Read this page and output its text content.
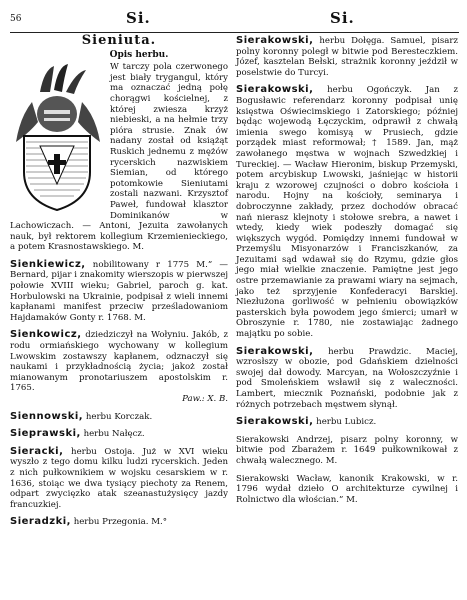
56	Si.	Si.
Sieniuta.
Opis herbu.

W tarczy pola czerwonego jest biały trygangul, który ma oznaczać jedną połę chorągwi kościelnej, z której zwiesza krzyż niebieski, a na hełmie trzy pióra strusie. Znak ów nadany został od książąt Ruskich jednemu z mężów rycerskich nazwiskiem Siemian, od którego potomkowie Sieniutami zostali nazwani. Krzysztof Paweł, fundował klasztor Dominikanów w Lachowiczach. — Antoni, Jezuita zawołanych nauk, był rektorem kollegium Krzemienieckiego, a potem Krasnostawskiego. M.

Sienkiewicz, nobilitowany r 1775 M.” — Bernard, pijar i znakomity wierszopis w pierwszej połowie XVIII wieku; Gabriel, paroch g. kat. Horbulowski na Ukrainie, podpisał z wieli innemi kapłanami manifest przeciw prześladowaniom Hajdamaków Gonty r. 1768. M.

Sienkowicz, dziedziczył na Wołyniu. Jakób, z rodu ormiańskiego wychowany w kollegium Lwowskim zostawszy kapłanem, odznaczył się naukami i przykładnością życia; jakoż został mianowanym pronotariuszem apostolskim r. 1765.

Paw.: X. B.

Siennowski, herbu Korczak.

Sieprawski, herbu Nałęcz.

Sieracki, herbu Ostoja. Już w XVI wieku wyszło z tego domu kilku ludzi rycerskich. Jeden z nich pułkownikiem w wojsku cesarskiem w r. 1636, stoiąc we dwa tysiący piechoty za Renem, odpart zwycięzko atak szeanastużysięcy jazdy francuzkiej.

Sieradzki, herbu Przegonia. M.°

Sierakowski, herbu Dołęga. Samuel, pisarz polny koronny poległ w bitwie pod Beresteczkiem. Józef, kasztelan Bełski, strażnik koronny jeździł w poselstwie do Turcyi.

Sierakowski, herbu Ogończyk. Jan z Bogusławic referendarz koronny podpisał unię księstwa Oświecimskiego i Zatorskiego; później będąc wojewodą Łęczyckim, odprawił z chwałą imienia swego komisyą w Prusiech, gdzie porządek miast reformował; † 1589. Jan, mąż zawołanego męstwa w wojnach Szwedzkiej i Tureckiej. — Wacław Hieronim, biskup Przemyski, potem arcybiskup Lwowski, jaśniejąc w historii kraju z wzorowej czujności o dobro kościoła i narodu. Hojny na kościoły, seminarya i dobroczynne zakłady, przez dochodów obracać nań nierasz klejnoty i stołowe srebra, a nawet i wtedy, kiedy wiek podeszły domagać się większych wygód. Pomiędzy innemi fundował w Przemyślu Misyonarzów i Franciszkanów, za Jezuitami sąd wdawał się do Rzymu, gdzie głos jego miał wielkie znaczenie. Pamiętne jest jego ostre przemawianie za prawami wiary na sejmach, jako też sprzyjenie Konfederacyi Barskiej. Niezłużona gorliwość w pełnieniu obowiązków pasterskich była powodem jego śmierci; umarł w Obroszynie r. 1780, nie zostawiając żadnego majątku po sobie.

Sierakowski, herbu Prawdzic. Maciej, wzrosłszy w obozie, pod Gdańskiem dzielności swojej dał dowody. Marcyan, na Wołoszczyźnie i pod Smoleńskiem wsławił się z waleczności. Lambert, miecznik Poznański, podobnie jak z różnych potrzebach męstwem słynął.

Sierakowski, herbu Lubicz.

Sierakowski Andrzej, pisarz polny koronny, w bitwie pod Zbarażem r. 1649 pułkownikował z chwałą walecznego. M.

Sierakowski Wacław, kanonik Krakowski, w r. 1796 wydał dzieło O architekturze cywilnej i Rolnictwo dla włościan.” M.
